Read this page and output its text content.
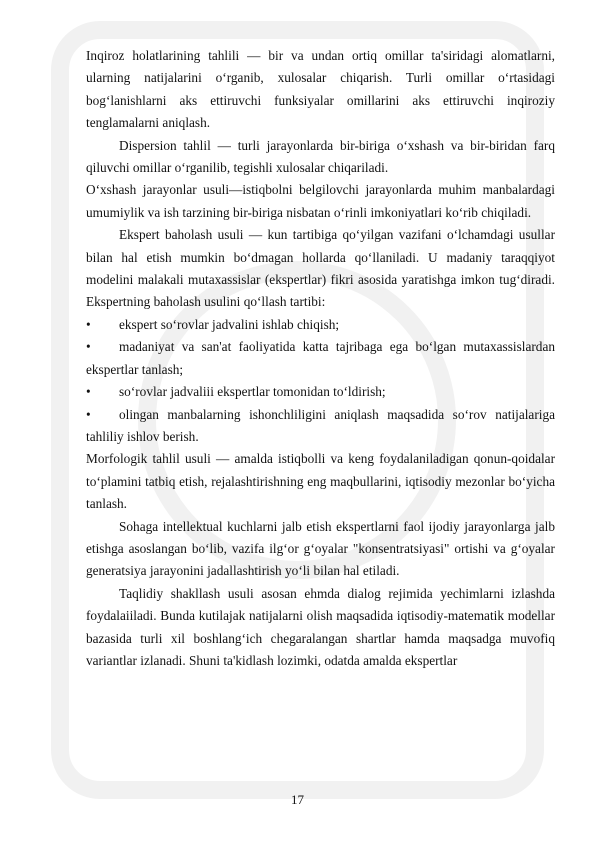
Inqiroz holatlarining tahlili — bir va undan ortiq omillar ta'siridagi alomatlarni, ularning natijalarini o‘rganib, xulosalar chiqarish. Turli omillar o‘rtasidagi bog‘lanishlarni aks ettiruvchi funksiyalar omillarini aks ettiruvchi inqiroziy tenglamalarni aniqlash.

Dispersion tahlil — turli jarayonlarda bir-biriga o‘xshash va bir-biridan farq qiluvchi omillar o‘rganilib, tegishli xulosalar chiqariladi.

O‘xshash jarayonlar usuli—istiqbolni belgilovchi jarayonlarda muhim manbalardagi umumiylik va ish tarzining bir-biriga nisbatan o‘rinli imkoniyatlari ko‘rib chiqiladi.

Ekspert baholash usuli — kun tartibiga qo‘yilgan vazifani o‘lchamdagi usullar bilan hal etish mumkin bo‘dmagan hollarda qo‘llaniladi. U madaniy taraqqiyot modelini malakali mutaxassislar (ekspertlar) fikri asosida yaratishga imkon tug‘diradi. Ekspertning baholash usulini qo‘llash tartibi:

• ekspert so‘rovlar jadvalini ishlab chiqish;

• madaniyat va san'at faoliyatida katta tajribaga ega bo‘lgan mutaxassislardan ekspertlar tanlash;

• so‘rovlar jadvaliii ekspertlar tomonidan to‘ldirish;

• olingan manbalarning ishonchliligini aniqlash maqsadida so‘rov natijalariga tahliliy ishlov berish.

Morfologik tahlil usuli — amalda istiqbolli va keng foydalaniladigan qonun-qoidalar to‘plamini tatbiq etish, rejalashtirishning eng maqbullarini, iqtisodiy mezonlar bo‘yicha tanlash.

Sohaga intellektual kuchlarni jalb etish ekspertlarni faol ijodiy jarayonlarga jalb etishga asoslangan bo‘lib, vazifa ilg‘or g‘oyalar "konsentratsiyasi" ortishi va g‘oyalar generatsiya jarayonini jadallashtirish yo‘li bilan hal etiladi.

Taqlidiy shakllash usuli asosan ehmda dialog rejimida yechimlarni izlashda foydalaiiladi. Bunda kutilajak natijalarni olish maqsadida iqtisodiy-matematik modellar bazasida turli xil boshlang‘ich chegaralangan shartlar hamda maqsadga muvofiq variantlar izlanadi. Shuni ta'kidlash lozimki, odatda amalda ekspertlar

17
